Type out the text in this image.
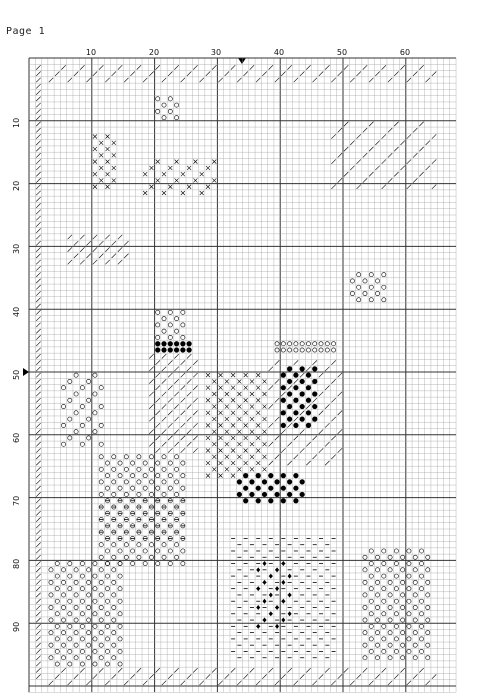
Page 1
10	20	30	40	50	60
10
20
30
40
50
60
70
80
90
